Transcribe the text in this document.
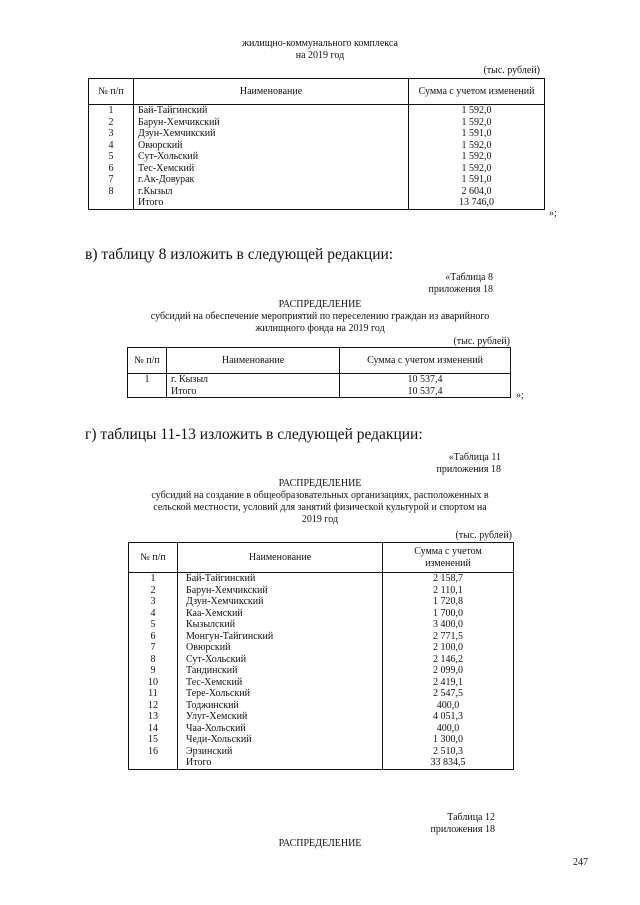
жилищно-коммунального комплекса
на 2019 год
(тыс. рублей)
№ п/п	Наименование	Сумма с учетом изменений
1	Бай-Тайгинский	1 592,0
2	Барун-Хемчикский	1 592,0
3	Дзун-Хемчикский	1 591,0
4	Овюрский	1 592,0
5	Сут-Хольский	1 592,0
6	Тес-Хемский	1 592,0
7	г.Ак-Довурак	1 591,0
8	г.Кызыл	2 604,0
	Итого	13 746,0
»;
в) таблицу 8 изложить в следующей редакции:
«Таблица 8
приложения 18
РАСПРЕДЕЛЕНИЕ
субсидий на обеспечение мероприятий по переселению граждан из аварийного
жилищного фонда на 2019 год
(тыс. рублей)
№ п/п	Наименование	Сумма с учетом изменений
1	г. Кызыл	10 537,4
	Итого	10 537,4	»;
г) таблицы 11-13 изложить в следующей редакции:
«Таблица 11
приложения 18
РАСПРЕДЕЛЕНИЕ
субсидий на создание в общеобразовательных организациях, расположенных в
сельской местности, условий для занятий физической культурой и спортом на
2019 год
(тыс. рублей)
№ п/п	Наименование	Сумма с учетом
изменений

1	Бай-Тайгинский	2 158,7
2	Барун-Хемчикский	2 110,1
3	Дзун-Хемчикский	1 720,8
4	Каа-Хемский	1 700,0
5	Кызылский	3 400,0
6	Монгун-Тайгинский	2 771,5
7	Овюрский	2 100,0
8	Сут-Хольский	2 146,2
9	Тандинский	2 099,0
10	Тес-Хемский	2 419,1
11	Тере-Хольский	2 547,5
12	Тоджинский	400,0
13	Улуг-Хемский	4 051,3
14	Чаа-Хольский	400,0
15	Чеди-Хольский	1 300,0
16	Эрзинский	2 510,3
	Итого	33 834,5
Таблица 12
приложения 18
РАСПРЕДЕЛЕНИЕ
247
